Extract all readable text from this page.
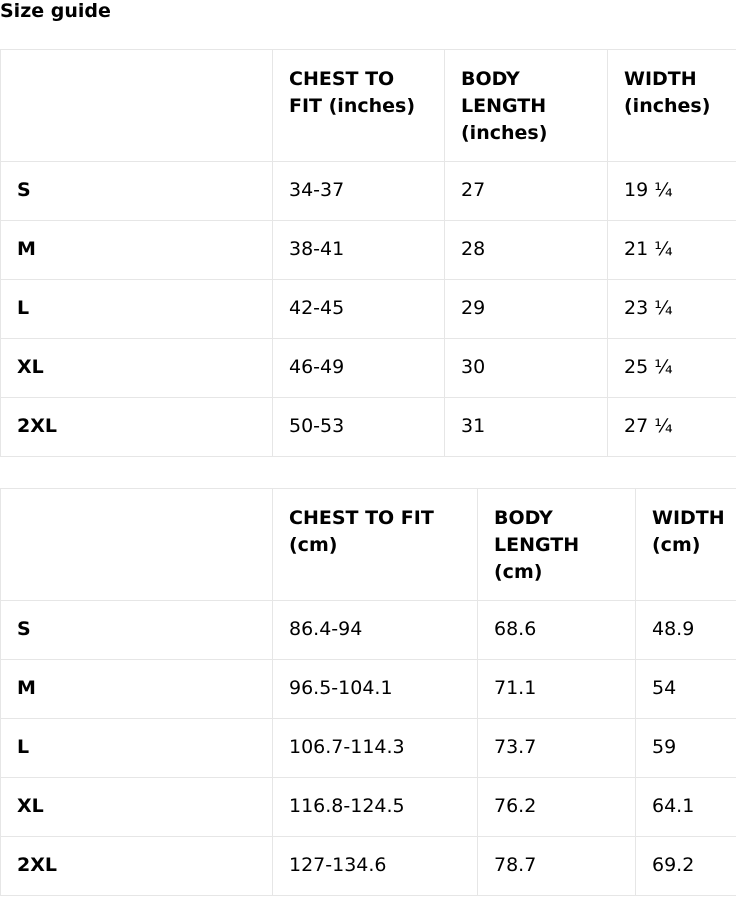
Size guide
	CHEST TO FIT (inches)	BODY LENGTH (inches)	WIDTH (inches)
S	34-37	27	19 ¼
M	38-41	28	21 ¼
L	42-45	29	23 ¼
XL	46-49	30	25 ¼
2XL	50-53	31	27 ¼
	CHEST TO FIT (cm)	BODY LENGTH (cm)	WIDTH (cm)
S	86.4-94	68.6	48.9
M	96.5-104.1	71.1	54
L	106.7-114.3	73.7	59
XL	116.8-124.5	76.2	64.1
2XL	127-134.6	78.7	69.2
